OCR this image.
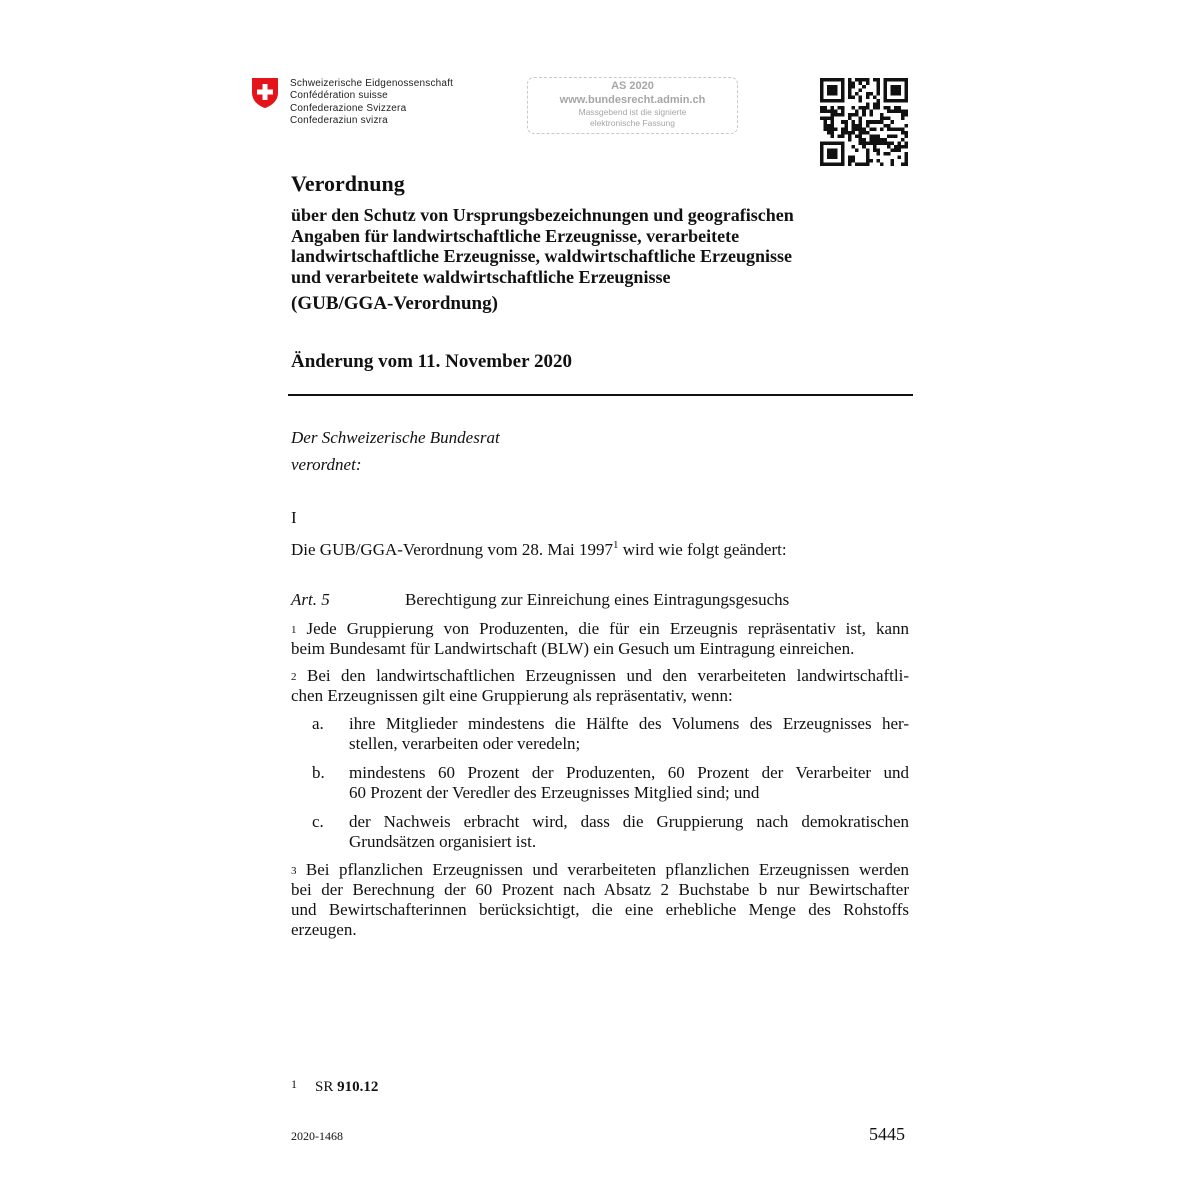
Schweizerische Eidgenossenschaft
Confédération suisse
Confederazione Svizzera
Confederaziun svizra
AS 2020
www.bundesrecht.admin.ch
Massgebend ist die signierte
elektronische Fassung
Verordnung
über den Schutz von Ursprungsbezeichnungen und geografischen
Angaben für landwirtschaftliche Erzeugnisse, verarbeitete
landwirtschaftliche Erzeugnisse, waldwirtschaftliche Erzeugnisse
und verarbeitete waldwirtschaftliche Erzeugnisse
(GUB/GGA-Verordnung)
Änderung vom 11. November 2020
Der Schweizerische Bundesrat
verordnet:
I
Die GUB/GGA-Verordnung vom 28. Mai 1997$^1$ wird wie folgt geändert:
Art. 5	Berechtigung zur Einreichung eines Eintragungsgesuchs
$^1$ Jede Gruppierung von Produzenten, die für ein Erzeugnis repräsentativ ist, kann
beim Bundesamt für Landwirtschaft (BLW) ein Gesuch um Eintragung einreichen.
$^2$ Bei den landwirtschaftlichen Erzeugnissen und den verarbeiteten landwirtschaftli-
chen Erzeugnissen gilt eine Gruppierung als repräsentativ, wenn:
a. ihre Mitglieder mindestens die Hälfte des Volumens des Erzeugnisses her-
stellen, verarbeiten oder veredeln;
b. mindestens 60 Prozent der Produzenten, 60 Prozent der Verarbeiter und
60 Prozent der Veredler des Erzeugnisses Mitglied sind; und
c. der Nachweis erbracht wird, dass die Gruppierung nach demokratischen
Grundsätzen organisiert ist.
$^3$ Bei pflanzlichen Erzeugnissen und verarbeiteten pflanzlichen Erzeugnissen werden
bei der Berechnung der 60 Prozent nach Absatz 2 Buchstabe b nur Bewirtschafter
und Bewirtschafterinnen berücksichtigt, die eine erhebliche Menge des Rohstoffs
erzeugen.
$^1$ SR 910.12
2020-1468	5445
